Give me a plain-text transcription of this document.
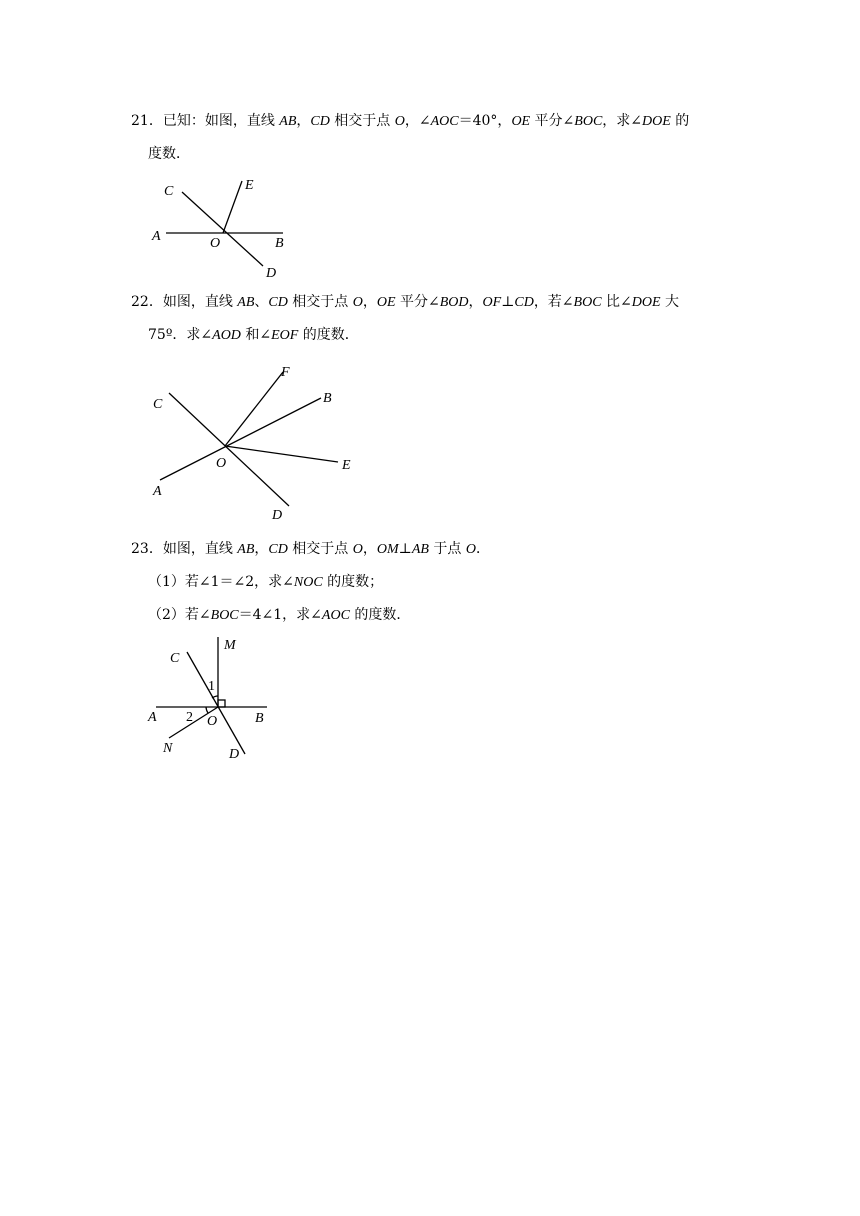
21．已知：如图，直线 AB，CD 相交于点 O，∠AOC＝40°，OE 平分∠BOC，求∠DOE 的
度数．
C	E
A	O	B
D
22．如图，直线 AB、CD 相交于点 O，OE 平分∠BOD，OF⊥CD，若∠BOC 比∠DOE 大
75º．求∠AOD 和∠EOF 的度数．
C
F
B
O	E
A
D
23．如图，直线 AB，CD 相交于点 O，OM⊥AB 于点 O．
（1）若∠1＝∠2，求∠NOC 的度数；
（2）若∠BOC＝4∠1，求∠AOC 的度数．
C
M
1
A 2 O	B
N	D
